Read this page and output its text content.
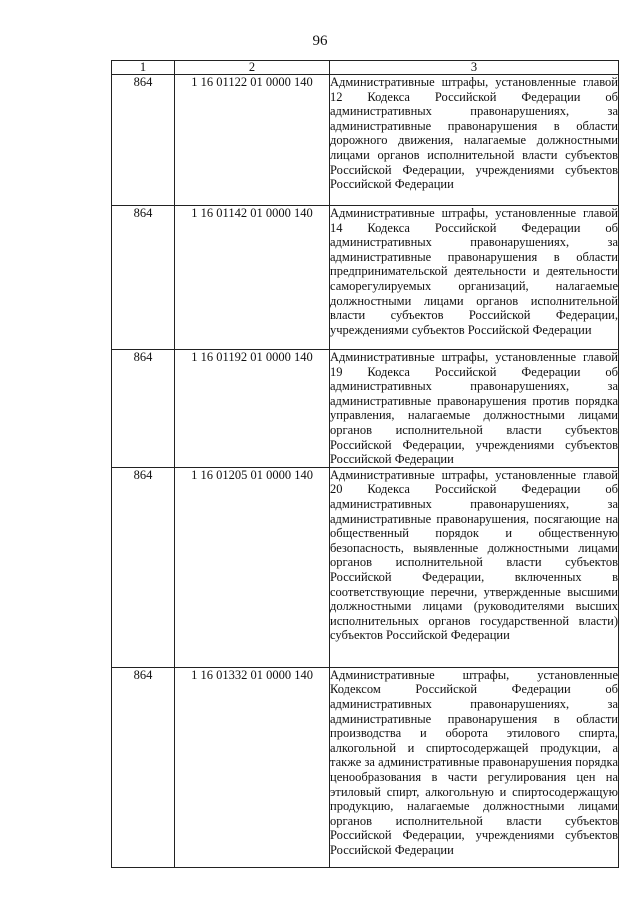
96
1	2	3
864	1 16 01122 01 0000 140	Административные штрафы, установленные главой 12 Кодекса Российской Федерации об административных правонарушениях, за административные правонарушения в области дорожного движения, налагаемые должностными лицами органов исполнительной власти субъектов Российской Федерации, учреждениями субъектов Российской Федерации
864	1 16 01142 01 0000 140	Административные штрафы, установленные главой 14 Кодекса Российской Федерации об административных правонарушениях, за административные правонарушения в области предпринимательской деятельности и деятельности саморегулируемых организаций, налагаемые должностными лицами органов исполнительной власти субъектов Российской Федерации, учреждениями субъектов Российской Федерации
864	1 16 01192 01 0000 140	Административные штрафы, установленные главой 19 Кодекса Российской Федерации об административных правонарушениях, за административные правонарушения против порядка управления, налагаемые должностными лицами органов исполнительной власти субъектов Российской Федерации, учреждениями субъектов Российской Федерации
864	1 16 01205 01 0000 140	Административные штрафы, установленные главой 20 Кодекса Российской Федерации об административных правонарушениях, за административные правонарушения, посягающие на общественный порядок и общественную безопасность, выявленные должностными лицами органов исполнительной власти субъектов Российской Федерации, включенных в соответствующие перечни, утвержденные высшими должностными лицами (руководителями высших исполнительных органов государственной власти) субъектов Российской Федерации
864	1 16 01332 01 0000 140	Административные штрафы, установленные Кодексом Российской Федерации об административных правонарушениях, за административные правонарушения в области производства и оборота этилового спирта, алкогольной и спиртосодержащей продукции, а также за административные правонарушения порядка ценообразования в части регулирования цен на этиловый спирт, алкогольную и спиртосодержащую продукцию, налагаемые должностными лицами органов исполнительной власти субъектов Российской Федерации, учреждениями субъектов Российской Федерации
